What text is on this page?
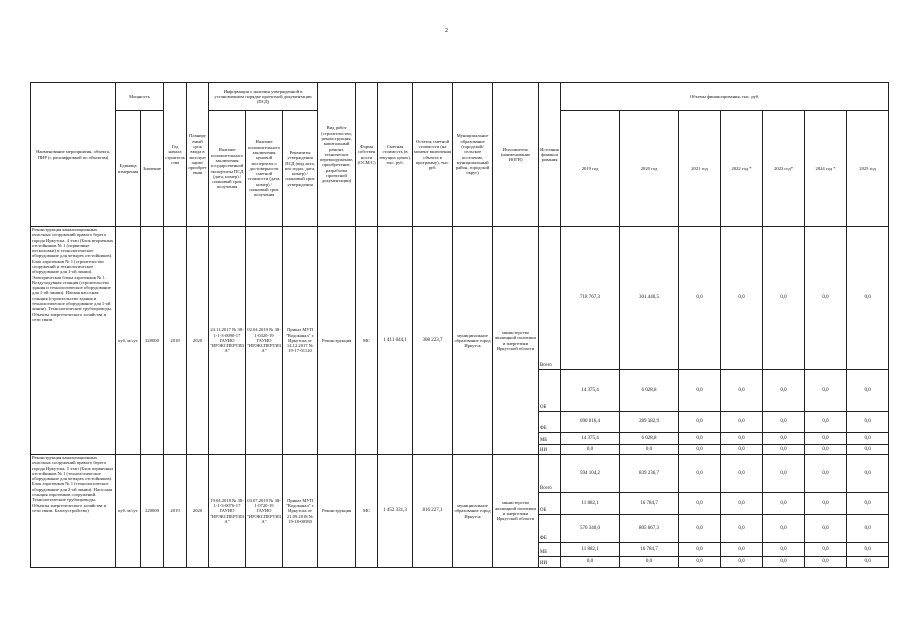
2
Наименование мероприятия, объекта, ПИР (с расшифровкой по объектам)	Мощность		Год начала строительства	Планируемый срок ввода в эксплуатацию/приобретения	Информация о наличии утвержденной в установленном порядке проектной документации (ПСД)			Вид работ (строительство, реконструкция, капитальный ремонт, техническое перевооружение, приобретение, разработка проектной документации)	Форма собственности (ОСМ/С)	Сметная стоимость (в текущих ценах), тыс. руб.	Остаток сметной стоимости (на момент включения объекта в программу), тыс. руб.	Муниципальное образование (городской/сельское поселение, муниципальный район, городской округ)	Исполнитель (наименование ИОГВ)	Источник финансирования	Объемы финансирования, тыс. руб.						
	Единица измерения	Значение			Наличие положительного заключения государственной экспертизы ПСД (дата, номер) / плановый срок получения	Наличие положительного заключения ценовой экспертизы о достоверности сметной стоимости (дата, номер) / плановый срок получения	Реквизиты утверждения ПСД (вид акта, кто издал, дата, номер) / плановый срок утверждения								2019 год	2020 год	2021 год	2022 год *	2023 год*	2024 год *	2025 год
Реконструкция канализационных очистных сооружений правого берега города Иркутска. 4 этап (Блок вторичных отстойников № 1 (первичные песколовки) и технологическое оборудование для четырех отстойников). Блок аэротенков № 1 (строительство сооружений и технологическое оборудование для 1-ой линии). Электрическая блока аэротенков № 1. Воздуходувная станция (строительство здания и технологическое оборудование для 1-ой линии). Иловая насосная станция (строительство здания и технологическое оборудование для 1-ой линии). Технологические трубопроводы. Объекты энергетического хозяйства и сети связи	куб. м/сут	220000	2018	2020	24.11.2017 № 38-1-1-3-0090-17 ГАУИО "ИРЭКСПЕРТИЗА"	02.04.2019 № 38-1-0420-19 ГАУИО "ИРЭКСПЕРТИЗА"	Приказ МУП "Водоканал" г. Иркутска от 14.12.2017 № 19-17-01120	Реконструкция	МС	1 411 044,1	308 223,7	муниципальное образование город Иркутск	министерство жилищной политики и энергетики Иркутской области	Всего	718 767,3	301 440,5	0,0	0,0	0,0	0,0	0,0
														ОБ	14 375,4	6 028,8	0,0	0,0	0,0	0,0	0,0
														ФБ	690 016,4	289 382,9	0,0	0,0	0,0	0,0	0,0
														МБ	14 375,4	6 028,8	0,0	0,0	0,0	0,0	0,0
														ИИ	0,0	0,0	0,0	0,0	0,0	0,0	0,0
Реконструкция канализационных очистных сооружений правого берега города Иркутска. 5 этап (Блок первичных отстойников № 1 (технологическое оборудование для четырех отстойников). Блок аэротенков № 1 (технологическое оборудование для 2-ой линии). Насосная станция аэротенков сооружений. Технологические трубопроводы. Объекты энергетического хозяйства и сети связи. Благоустройство)	куб. м/сут	220000	2019	2020	19.04.2018 № 38-1-1-3-0076-17 ГАУИО "ИРЭКСПЕРТИЗА"	03.07.2019 № 38-1-0720-19 ГАУИО "ИРЭКСПЕРТИЗА"	Приказ МУП "Водоканал" г. Иркутска от 21.09.2018 № 19-18-00580	Реконструкция	МС	1 452 331,3	816 227,1	муниципальное образование город Иркутск	министерство жилищной политики и энергетики Иркутской области	Всего	594 104,2	839 236,7	0,0	0,0	0,0	0,0	0,0
														ОБ	11 882,1	16 784,7	0,0	0,0	0,0	0,0	0,0
														ФБ	570 340,0	805 667,3	0,0	0,0	0,0	0,0	0,0
														МБ	11 882,1	16 784,7	0,0	0,0	0,0	0,0	0,0
														ИИ	0,0	0,0	0,0	0,0	0,0	0,0	0,0
